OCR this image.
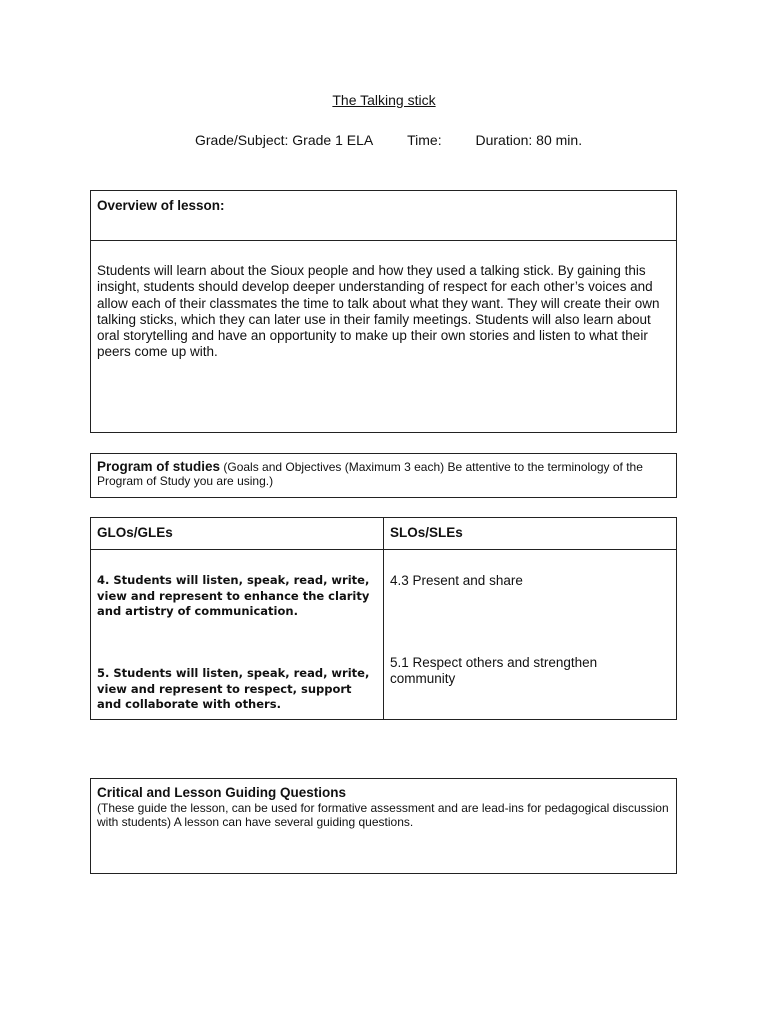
The Talking stick
Grade/Subject: Grade 1 ELA Time: Duration: 80 min.
Overview of lesson:
Students will learn about the Sioux people and how they used a talking stick. By gaining this insight, students should develop deeper understanding of respect for each other’s voices and allow each of their classmates the time to talk about what they want. They will create their own talking sticks, which they can later use in their family meetings. Students will also learn about oral storytelling and have an opportunity to make up their own stories and listen to what their peers come up with.
Program of studies (Goals and Objectives (Maximum 3 each) Be attentive to the terminology of the Program of Study you are using.)
GLOs/GLEs	SLOs/SLEs
4. Students will listen, speak, read, write, view and represent to enhance the clarity and artistry of communication.
5. Students will listen, speak, read, write, view and represent to respect, support and collaborate with others.
4.3 Present and share
5.1 Respect others and strengthen community
Critical and Lesson Guiding Questions
(These guide the lesson, can be used for formative assessment and are lead-ins for pedagogical discussion with students) A lesson can have several guiding questions.
